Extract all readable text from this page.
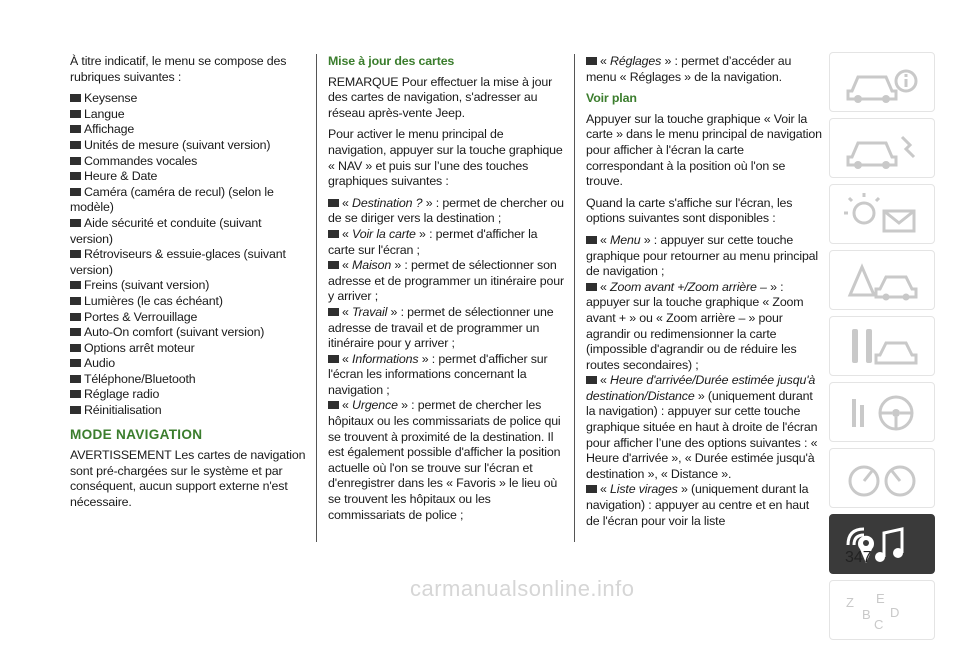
À titre indicatif, le menu se compose des rubriques suivantes :

Keysense
Langue
Affichage
Unités de mesure (suivant version)
Commandes vocales
Heure & Date
Caméra (caméra de recul) (selon le modèle)
Aide sécurité et conduite (suivant version)
Rétroviseurs & essuie-glaces (suivant version)
Freins (suivant version)
Lumières (le cas échéant)
Portes & Verrouillage
Auto-On comfort (suivant version)
Options arrêt moteur
Audio
Téléphone/Bluetooth
Réglage radio
Réinitialisation
MODE NAVIGATION

AVERTISSEMENT Les cartes de navigation sont pré-chargées sur le système et par conséquent, aucun support externe n'est nécessaire.

Mise à jour des cartes

REMARQUE Pour effectuer la mise à jour des cartes de navigation, s'adresser au réseau après-vente Jeep.

Pour activer le menu principal de navigation, appuyer sur la touche graphique « NAV » et puis sur l’une des touches graphiques suivantes :

« Destination ? » : permet de chercher ou de se diriger vers la destination ;
« Voir la carte » : permet d'afficher la carte sur l'écran ;
« Maison » : permet de sélectionner son adresse et de programmer un itinéraire pour y arriver ;
« Travail » : permet de sélectionner une adresse de travail et de programmer un itinéraire pour y arriver ;
« Informations » : permet d'afficher sur l'écran les informations concernant la navigation ;
« Urgence » : permet de chercher les hôpitaux ou les commissariats de police qui se trouvent à proximité de la destination. Il est également possible d'afficher la position actuelle où l'on se trouve sur l'écran et d'enregistrer dans les « Favoris » le lieu où se trouvent les hôpitaux ou les commissariats de police ;
« Réglages » : permet d’accéder au menu « Réglages » de la navigation.
Voir plan

Appuyer sur la touche graphique « Voir la carte » dans le menu principal de navigation pour afficher à l'écran la carte correspondant à la position où l'on se trouve.

Quand la carte s'affiche sur l'écran, les options suivantes sont disponibles :

« Menu » : appuyer sur cette touche graphique pour retourner au menu principal de navigation ;
« Zoom avant +/Zoom arrière – » : appuyer sur la touche graphique « Zoom avant + » ou « Zoom arrière – » pour agrandir ou redimensionner la carte (impossible d'agrandir ou de réduire les routes secondaires) ;
« Heure d'arrivée/Durée estimée jusqu'à destination/Distance » (uniquement durant la navigation) : appuyer sur cette touche graphique située en haut à droite de l'écran pour afficher l’une des options suivantes : « Heure d'arrivée », « Durée estimée jusqu'à destination », « Distance ».
« Liste virages » (uniquement durant la navigation) : appuyer au centre et en haut de l'écran pour voir la liste
Z
B
E
C
D
347
carmanualsonline.info
